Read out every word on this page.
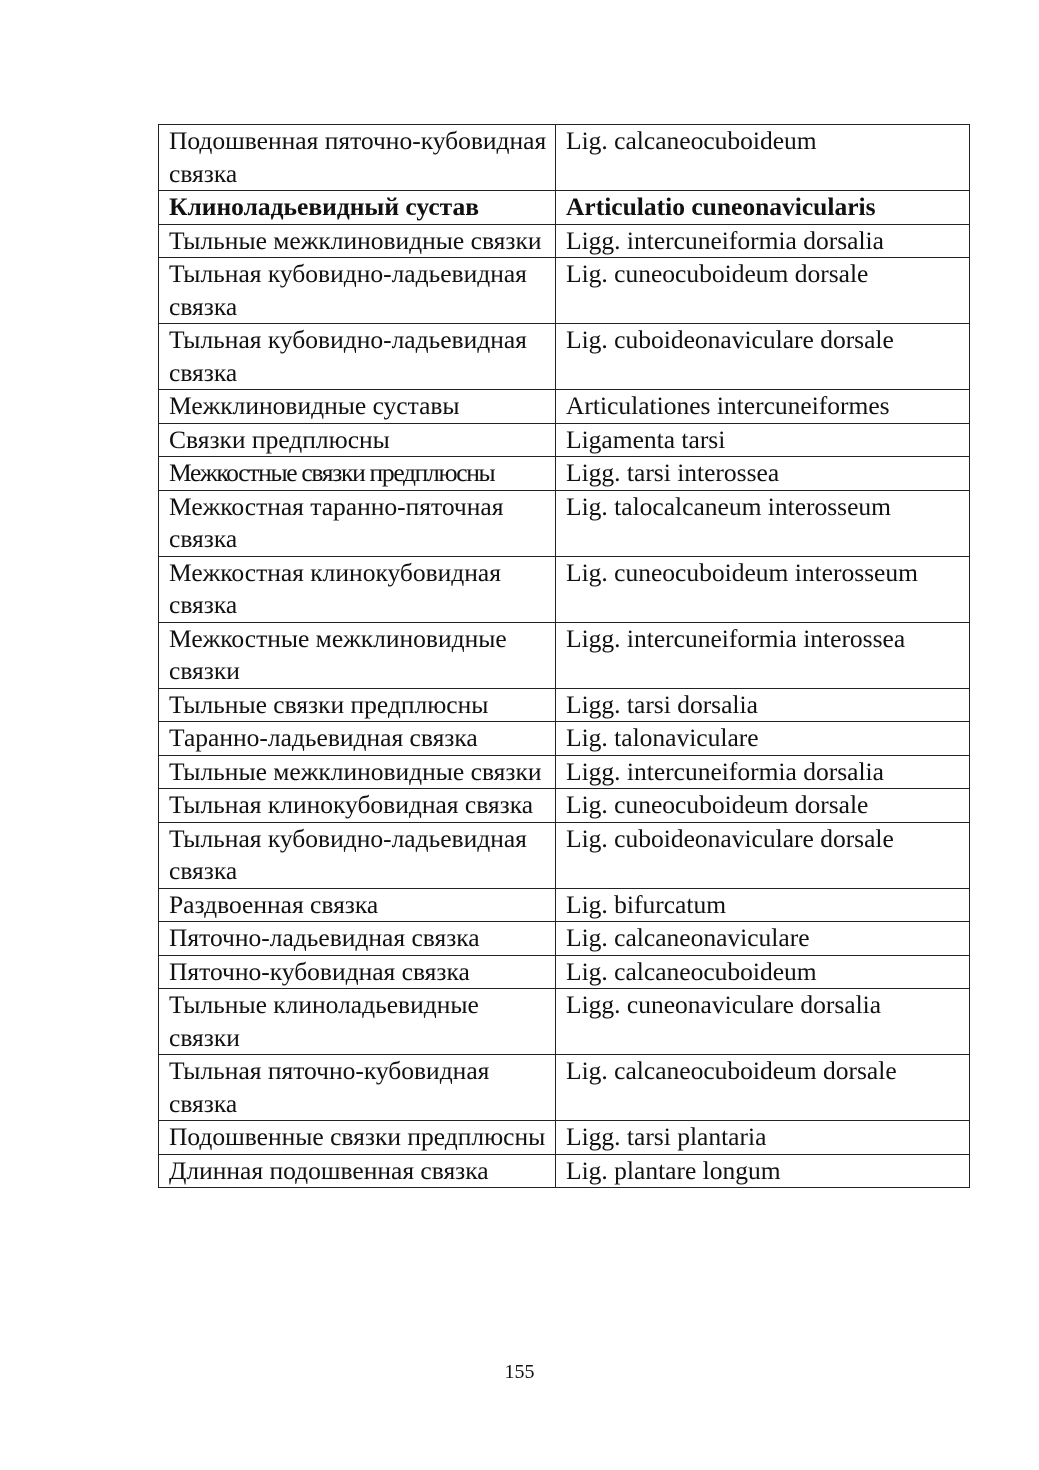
Подошвенная пяточно-кубовидная связка	Lig. calcaneocuboideum
Клиноладьевидный сустав	Articulatio cuneonavicularis
Тыльные межклиновидные связки	Ligg. intercuneiformia dorsalia
Тыльная кубовидно-ладьевидная связка	Lig. cuneocuboideum dorsale
Тыльная кубовидно-ладьевидная связка	Lig. cuboideonaviculare dorsale
Межклиновидные суставы	Articulationes intercuneiformes
Связки предплюсны	Ligamenta tarsi
Межкостные связки предплюсны	Ligg. tarsi interossea
Межкостная таранно-пяточная связка	Lig. talocalcaneum interosseum
Межкостная клинокубовидная связка	Lig. cuneocuboideum interosseum
Межкостные межклиновидные связки	Ligg. intercuneiformia interossea
Тыльные связки предплюсны	Ligg. tarsi dorsalia
Таранно-ладьевидная связка	Lig. talonaviculare
Тыльные межклиновидные связки	Ligg. intercuneiformia dorsalia
Тыльная клинокубовидная связка	Lig. cuneocuboideum dorsale
Тыльная кубовидно-ладьевидная связка	Lig. cuboideonaviculare dorsale
Раздвоенная связка	Lig. bifurcatum
Пяточно-ладьевидная связка	Lig. calcaneonaviculare
Пяточно-кубовидная связка	Lig. calcaneocuboideum
Тыльные клиноладьевидные связки	Ligg. cuneonaviculare dorsalia
Тыльная пяточно-кубовидная связка	Lig. calcaneocuboideum dorsale
Подошвенные связки предплюсны	Ligg. tarsi plantaria
Длинная подошвенная связка	Lig. plantare longum
155
